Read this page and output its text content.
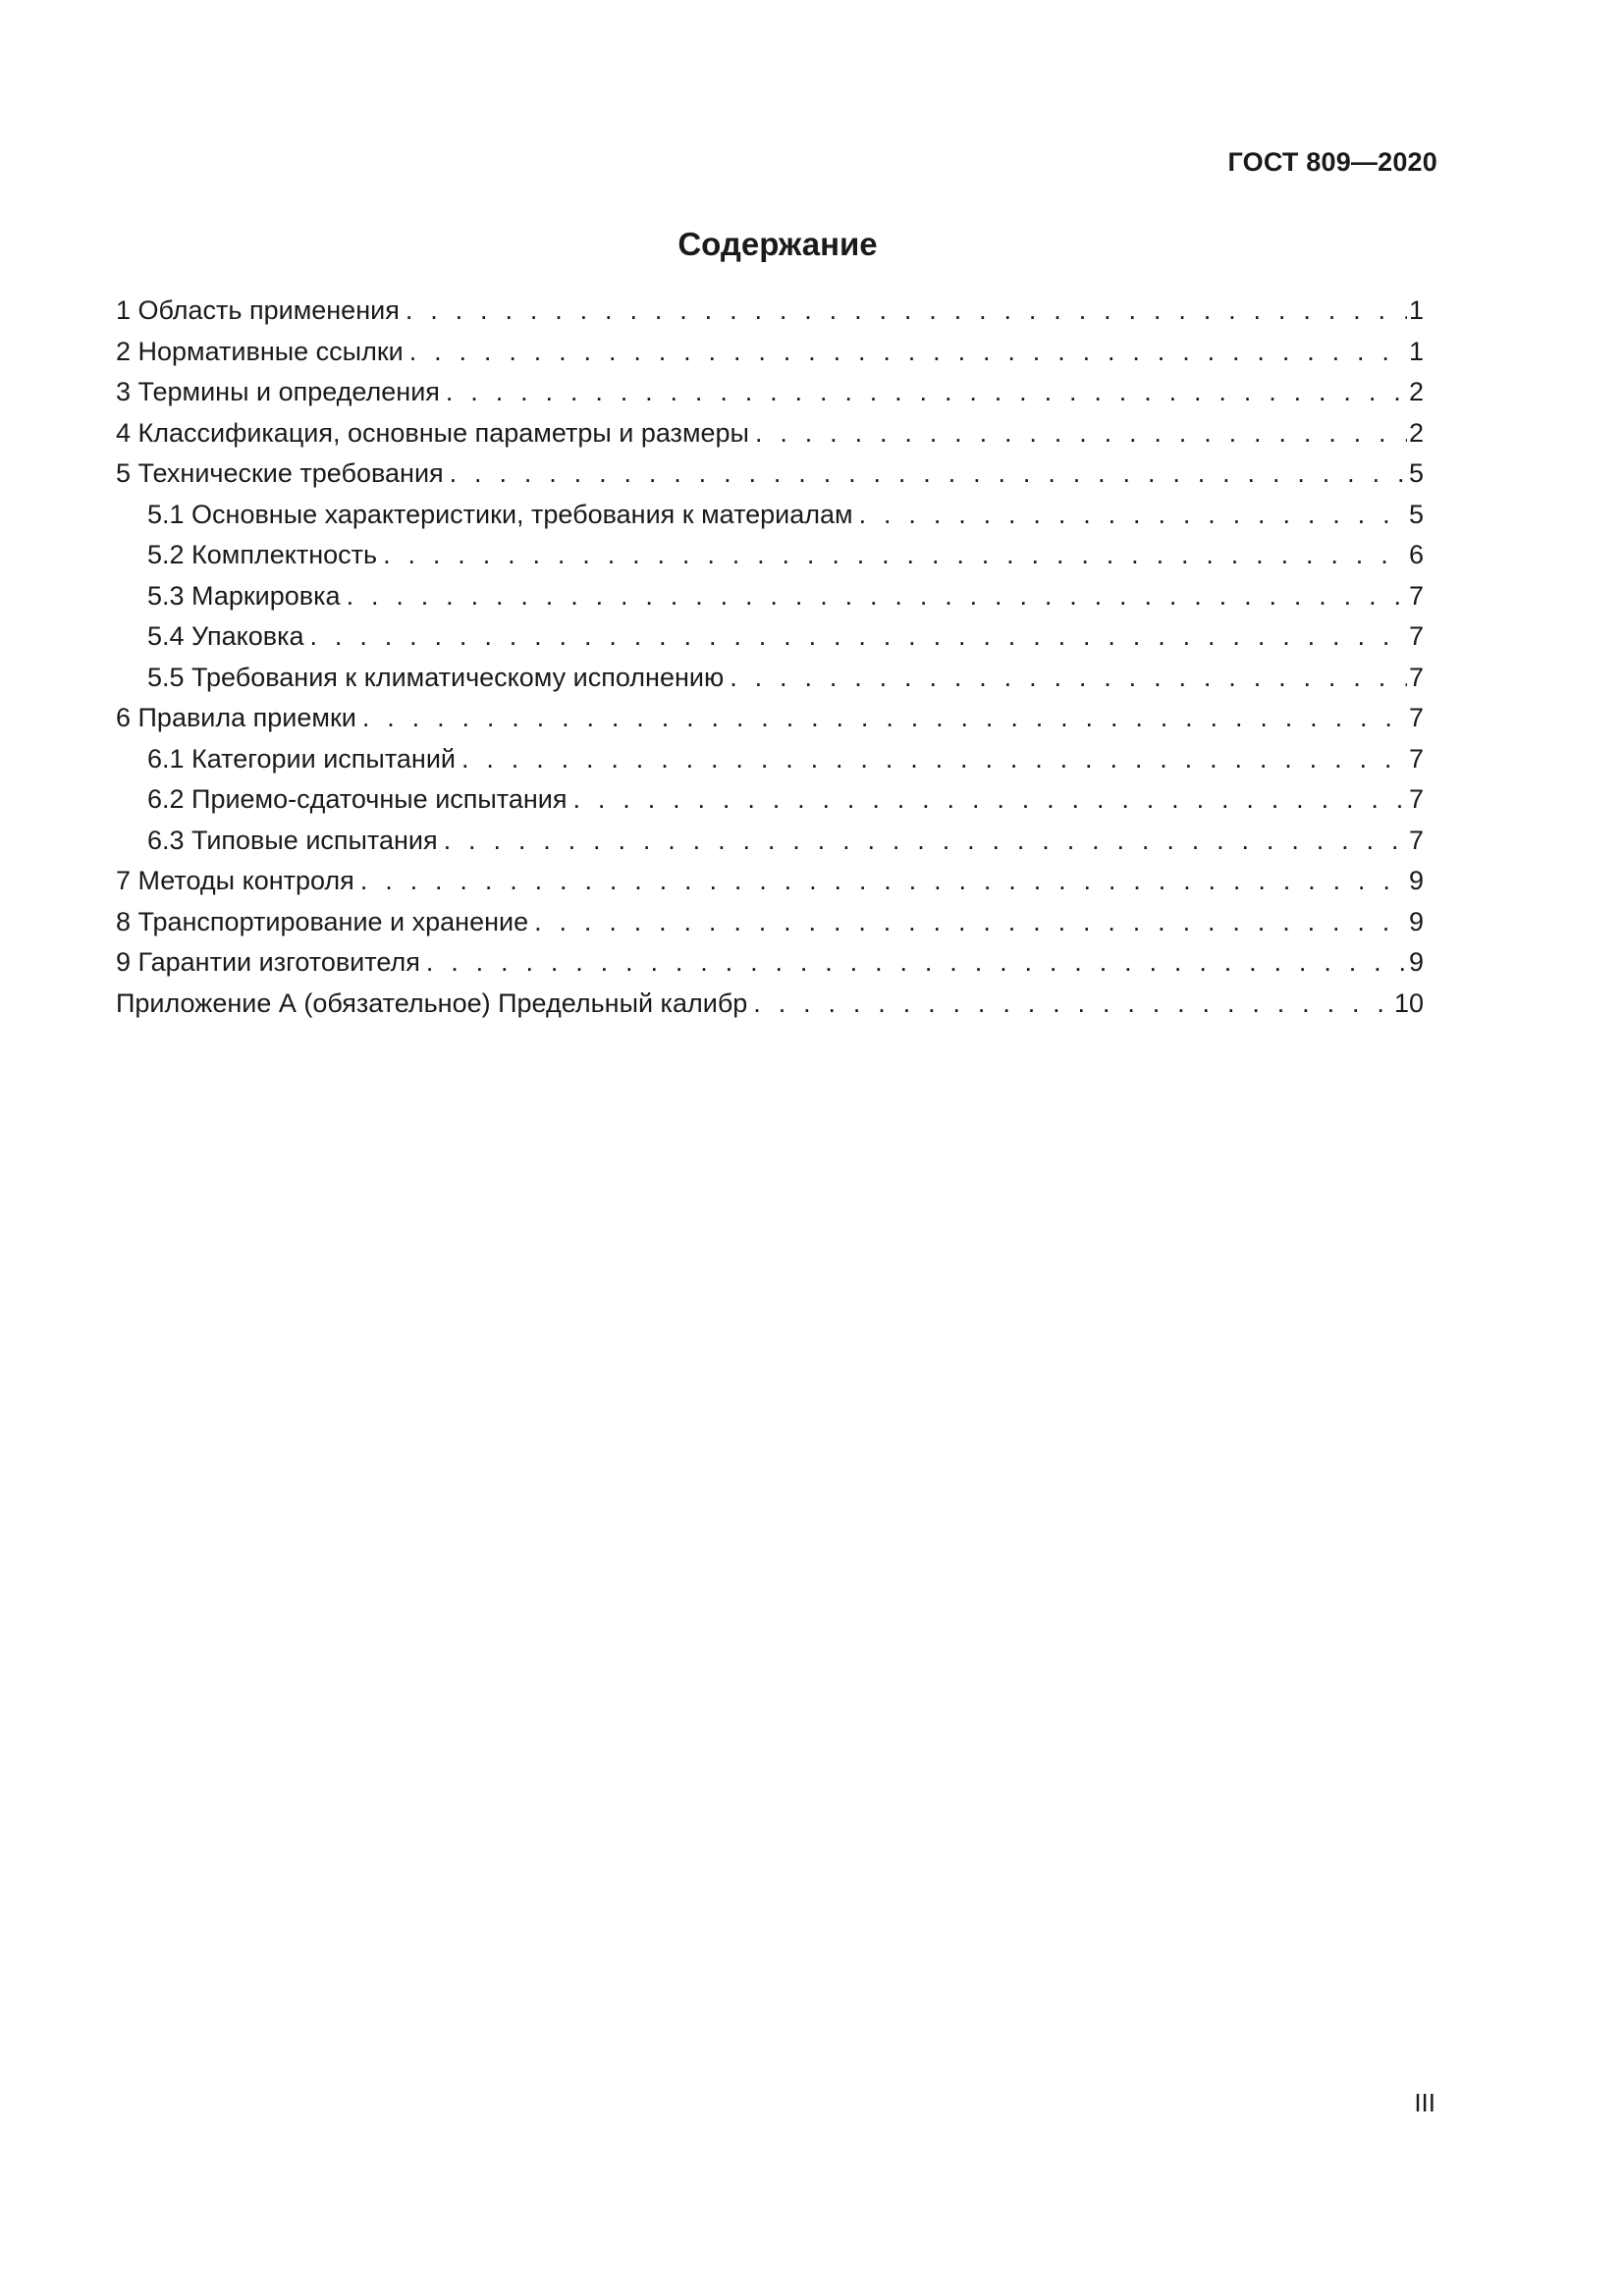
ГОСТ 809—2020
Содержание
1 Область применения . . .	1
2 Нормативные ссылки . . .	1
3 Термины и определения . . .	2
4 Классификация, основные параметры и размеры . . .	2
5 Технические требования . . .	5
5.1 Основные характеристики, требования к материалам . . .	5
5.2 Комплектность . . .	6
5.3 Маркировка . . .	7
5.4 Упаковка . . .	7
5.5 Требования к климатическому исполнению . . .	7
6 Правила приемки . . .	7
6.1 Категории испытаний . . .	7
6.2 Приемо-сдаточные испытания . . .	7
6.3 Типовые испытания . . .	7
7 Методы контроля . . .	9
8 Транспортирование и хранение . . .	9
9 Гарантии изготовителя . . .	9
Приложение А (обязательное) Предельный калибр . . .	10
III
